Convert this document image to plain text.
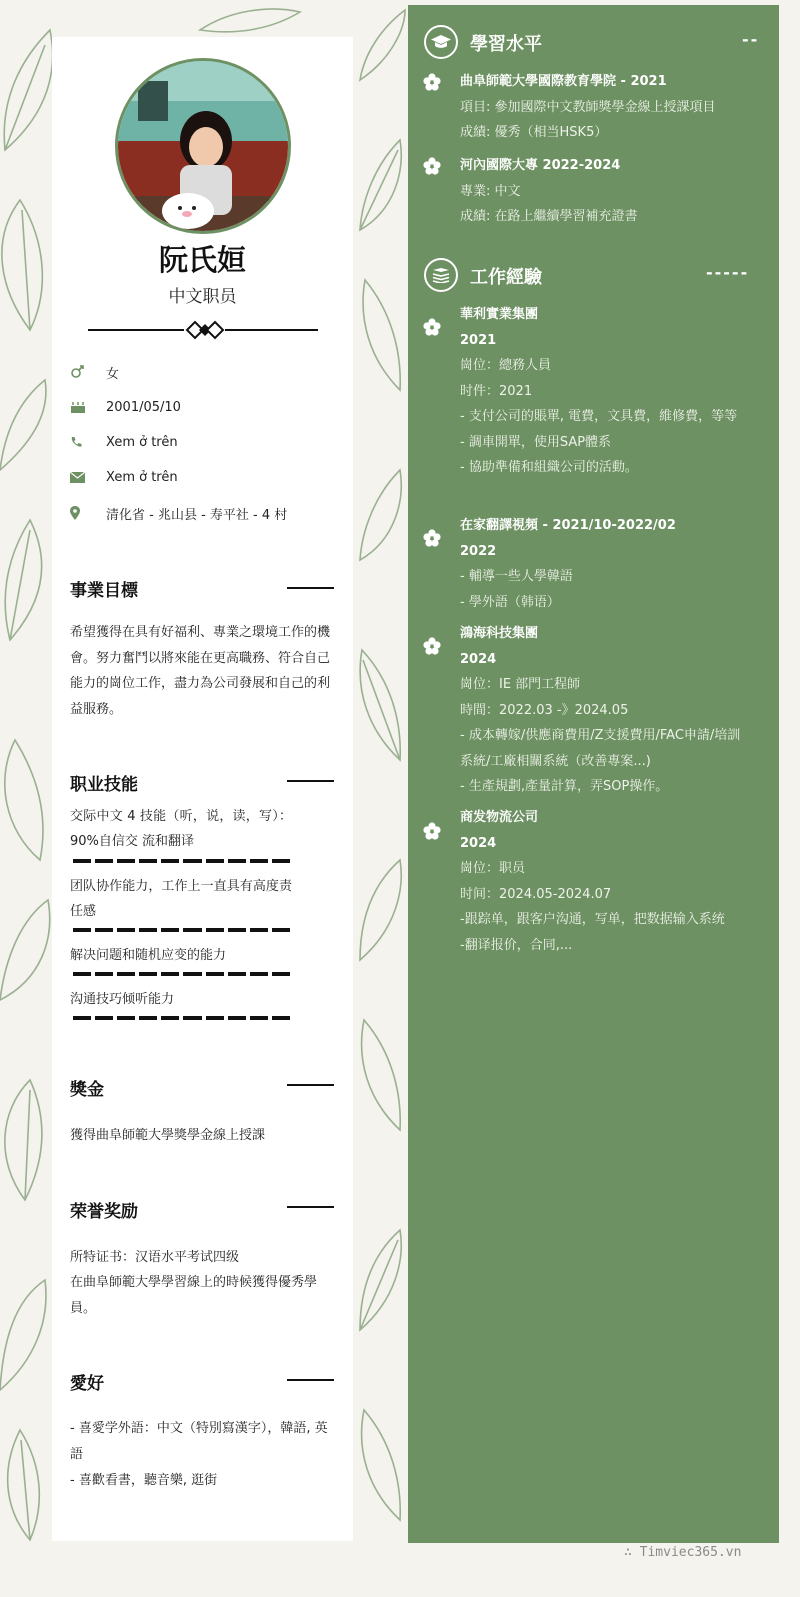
阮氏姮
中文职员
女
2001/05/10
Xem ở trên
Xem ở trên
清化省 - 兆山县 - 寿平社 - 4 村
事業目標
希望獲得在具有好福利、專業之環境工作的機會。努力奮鬥以將來能在更高職務、符合自己能力的崗位工作，盡力為公司發展和自己的利益服務。
职业技能
交际中文 4 技能（听，说，读，写）：90%自信交 流和翻译
团队协作能力，工作上一直具有高度责任感
解决问题和随机应变的能力
沟通技巧倾听能力
獎金
獲得曲阜師範大學獎學金線上授課
荣誉奖励
所特证书：汉语水平考试四级
在曲阜師範大學學習線上的時候獲得優秀學員。
愛好
- 喜愛学外語：中文（特別寫漢字），韓語, 英語
- 喜歡看書，聽音樂, 逛街
學習水平	--
曲阜師範大學國際教育學院 - 2021
項目: 參加國際中文教師獎學金線上授課項目
成績: 優秀（相当HSK5）
河內國際大專 2022-2024
專業: 中文
成績: 在路上繼續學習補充證書
工作經驗	-----
華利實業集團
2021
崗位：總務人員
时件：2021
- 支付公司的賬單, 電費，文具費，維修費，等等
- 調車開單，使用SAP體系
- 協助準備和組織公司的活動。
在家翻譯視頻 - 2021/10-2022/02
2022
- 輔導一些人學韓語
- 學外語（韩语）
鴻海科技集團
2024
崗位：IE 部門工程師
時間：2022.03 -》2024.05
- 成本轉嫁/供應商費用/Z支援費用/FAC申請/培訓系統/工廠相關系統（改善專案...)
- 生產規劃,產量計算，弄SOP操作。
商发物流公司
2024
崗位：职员
时间：2024.05-2024.07
-跟踪单，跟客户沟通，写单，把数据输入系统
-翻译报价，合同,...
∴ Timviec365.vn
